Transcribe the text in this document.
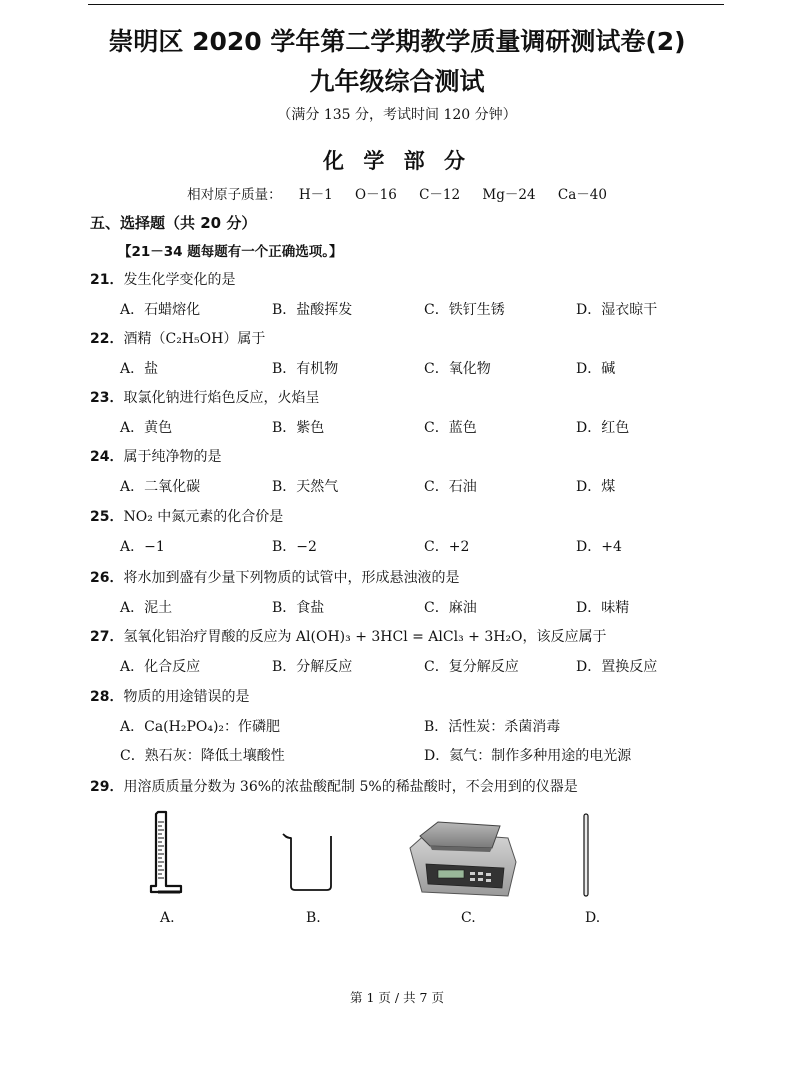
崇明区 2020 学年第二学期教学质量调研测试卷(2)
九年级综合测试
（满分 135 分，考试时间 120 分钟）
化 学 部 分
相对原子质量： H－1 O－16 C－12 Mg－24 Ca－40
五、选择题（共 20 分）
【21－34 题每题有一个正确选项。】
21．发生化学变化的是
A．石蜡熔化	B．盐酸挥发	C．铁钉生锈	D．湿衣晾干
22．酒精（C₂H₅OH）属于
A．盐	B．有机物	C．氧化物	D．碱
23．取氯化钠进行焰色反应，火焰呈
A．黄色	B．紫色	C．蓝色	D．红色
24．属于纯净物的是
A．二氧化碳	B．天然气	C．石油	D．煤
25．NO₂ 中氮元素的化合价是
A．−1	B．−2	C．+2	D．+4
26．将水加到盛有少量下列物质的试管中，形成悬浊液的是
A．泥土	B．食盐	C．麻油	D．味精
27．氢氧化铝治疗胃酸的反应为 Al(OH)₃ + 3HCl = AlCl₃ + 3H₂O，该反应属于
A．化合反应	B．分解反应	C．复分解反应	D．置换反应
28．物质的用途错误的是
A．Ca(H₂PO₄)₂：作磷肥	B．活性炭：杀菌消毒
C．熟石灰：降低土壤酸性	D．氦气：制作多种用途的电光源
29．用溶质质量分数为 36%的浓盐酸配制 5%的稀盐酸时，不会用到的仪器是
A.	B.	C.	D.
第 1 页 / 共 7 页
